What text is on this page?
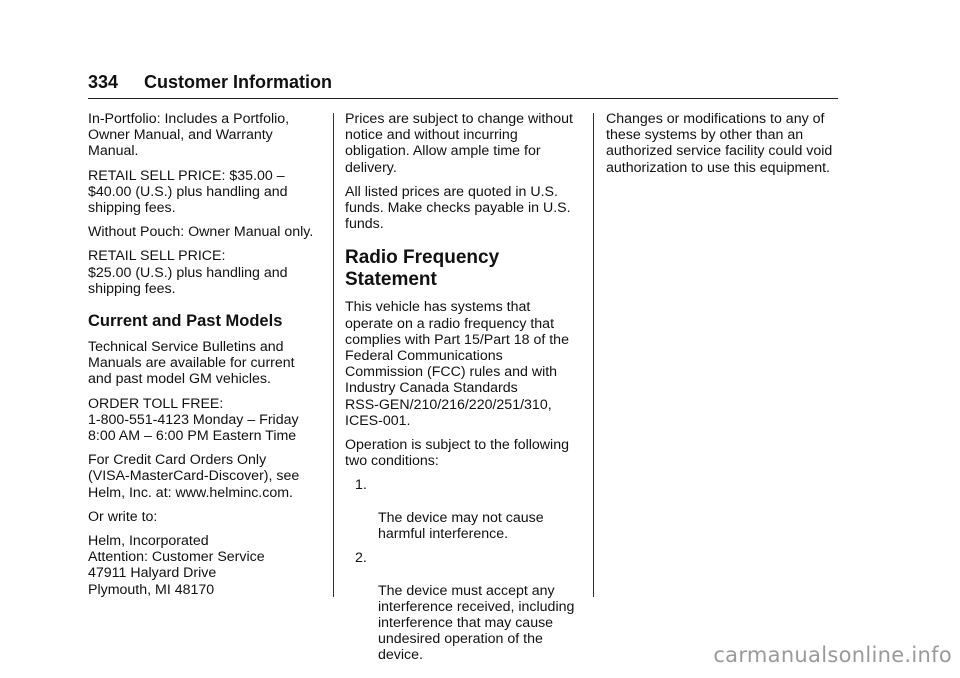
334 Customer Information

In-Portfolio: Includes a Portfolio,
Owner Manual, and Warranty
Manual.

RETAIL SELL PRICE: $35.00 –
$40.00 (U.S.) plus handling and
shipping fees.

Without Pouch: Owner Manual only.

RETAIL SELL PRICE:
$25.00 (U.S.) plus handling and
shipping fees.

Current and Past Models

Technical Service Bulletins and
Manuals are available for current
and past model GM vehicles.

ORDER TOLL FREE:
1-800-551-4123 Monday – Friday
8:00 AM – 6:00 PM Eastern Time

For Credit Card Orders Only
(VISA-MasterCard-Discover), see
Helm, Inc. at: www.helminc.com.

Or write to:

Helm, Incorporated
Attention: Customer Service
47911 Halyard Drive
Plymouth, MI 48170

Prices are subject to change without
notice and without incurring
obligation. Allow ample time for
delivery.

All listed prices are quoted in U.S.
funds. Make checks payable in U.S.
funds.

Radio Frequency
Statement

This vehicle has systems that
operate on a radio frequency that
complies with Part 15/Part 18 of the
Federal Communications
Commission (FCC) rules and with
Industry Canada Standards
RSS-GEN/210/216/220/251/310,
ICES-001.

Operation is subject to the following
two conditions:

1.

The device may not cause
harmful interference.

2.

The device must accept any
interference received, including
interference that may cause
undesired operation of the
device.

Changes or modifications to any of
these systems by other than an
authorized service facility could void
authorization to use this equipment.

carmanualsonline.info
